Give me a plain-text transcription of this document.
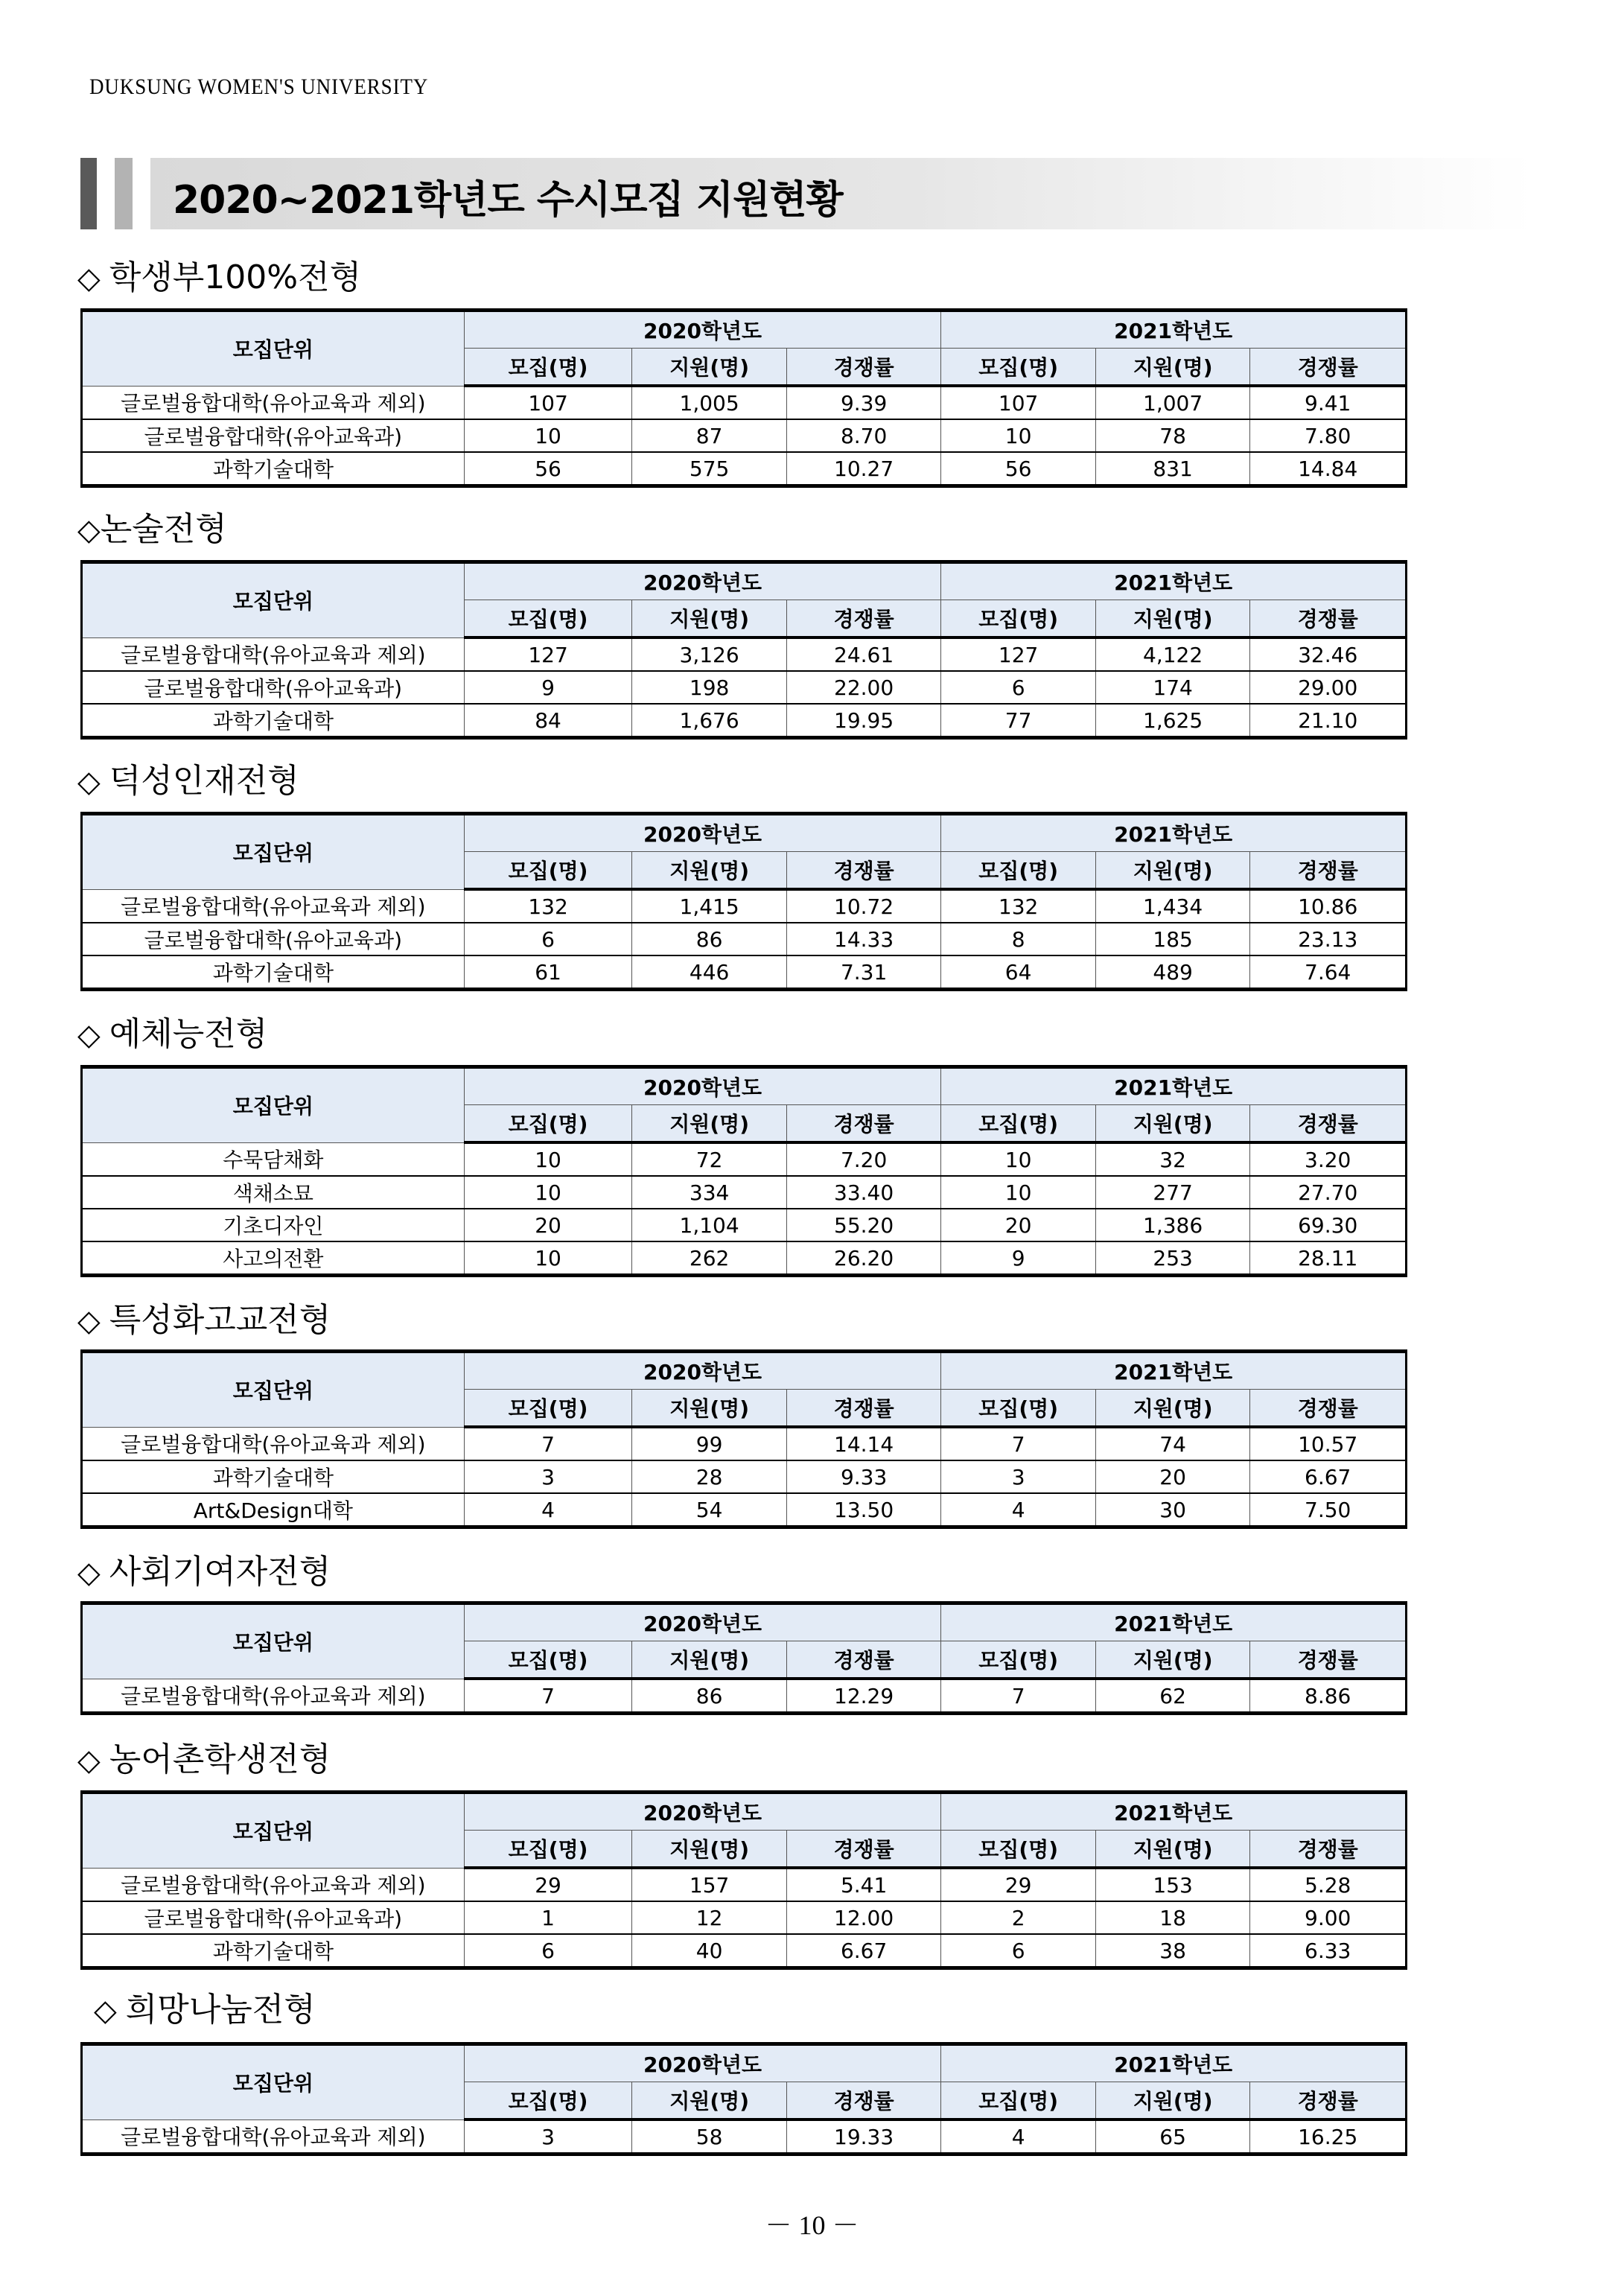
DUKSUNG WOMEN'S UNIVERSITY
2020~2021학년도 수시모집 지원현황
◇ 학생부100%전형
모집단위	2020학년도			2021학년도		
	모집(명)	지원(명)	경쟁률	모집(명)	지원(명)	경쟁률
글로벌융합대학(유아교육과 제외)	107	1,005	9.39	107	1,007	9.41
글로벌융합대학(유아교육과)	10	87	8.70	10	78	7.80
과학기술대학	56	575	10.27	56	831	14.84
◇논술전형
모집단위	2020학년도			2021학년도		
	모집(명)	지원(명)	경쟁률	모집(명)	지원(명)	경쟁률
글로벌융합대학(유아교육과 제외)	127	3,126	24.61	127	4,122	32.46
글로벌융합대학(유아교육과)	9	198	22.00	6	174	29.00
과학기술대학	84	1,676	19.95	77	1,625	21.10
◇ 덕성인재전형
모집단위	2020학년도			2021학년도		
	모집(명)	지원(명)	경쟁률	모집(명)	지원(명)	경쟁률
글로벌융합대학(유아교육과 제외)	132	1,415	10.72	132	1,434	10.86
글로벌융합대학(유아교육과)	6	86	14.33	8	185	23.13
과학기술대학	61	446	7.31	64	489	7.64
◇ 예체능전형
모집단위	2020학년도			2021학년도		
	모집(명)	지원(명)	경쟁률	모집(명)	지원(명)	경쟁률
수묵담채화	10	72	7.20	10	32	3.20
색채소묘	10	334	33.40	10	277	27.70
기초디자인	20	1,104	55.20	20	1,386	69.30
사고의전환	10	262	26.20	9	253	28.11
◇ 특성화고교전형
모집단위	2020학년도			2021학년도		
	모집(명)	지원(명)	경쟁률	모집(명)	지원(명)	경쟁률
글로벌융합대학(유아교육과 제외)	7	99	14.14	7	74	10.57
과학기술대학	3	28	9.33	3	20	6.67
Art&Design대학	4	54	13.50	4	30	7.50
◇ 사회기여자전형
모집단위	2020학년도			2021학년도		
	모집(명)	지원(명)	경쟁률	모집(명)	지원(명)	경쟁률
글로벌융합대학(유아교육과 제외)	7	86	12.29	7	62	8.86
◇ 농어촌학생전형
모집단위	2020학년도			2021학년도		
	모집(명)	지원(명)	경쟁률	모집(명)	지원(명)	경쟁률
글로벌융합대학(유아교육과 제외)	29	157	5.41	29	153	5.28
글로벌융합대학(유아교육과)	1	12	12.00	2	18	9.00
과학기술대학	6	40	6.67	6	38	6.33
◇ 희망나눔전형
모집단위	2020학년도			2021학년도		
	모집(명)	지원(명)	경쟁률	모집(명)	지원(명)	경쟁률
글로벌융합대학(유아교육과 제외)	3	58	19.33	4	65	16.25
－ 10 －
